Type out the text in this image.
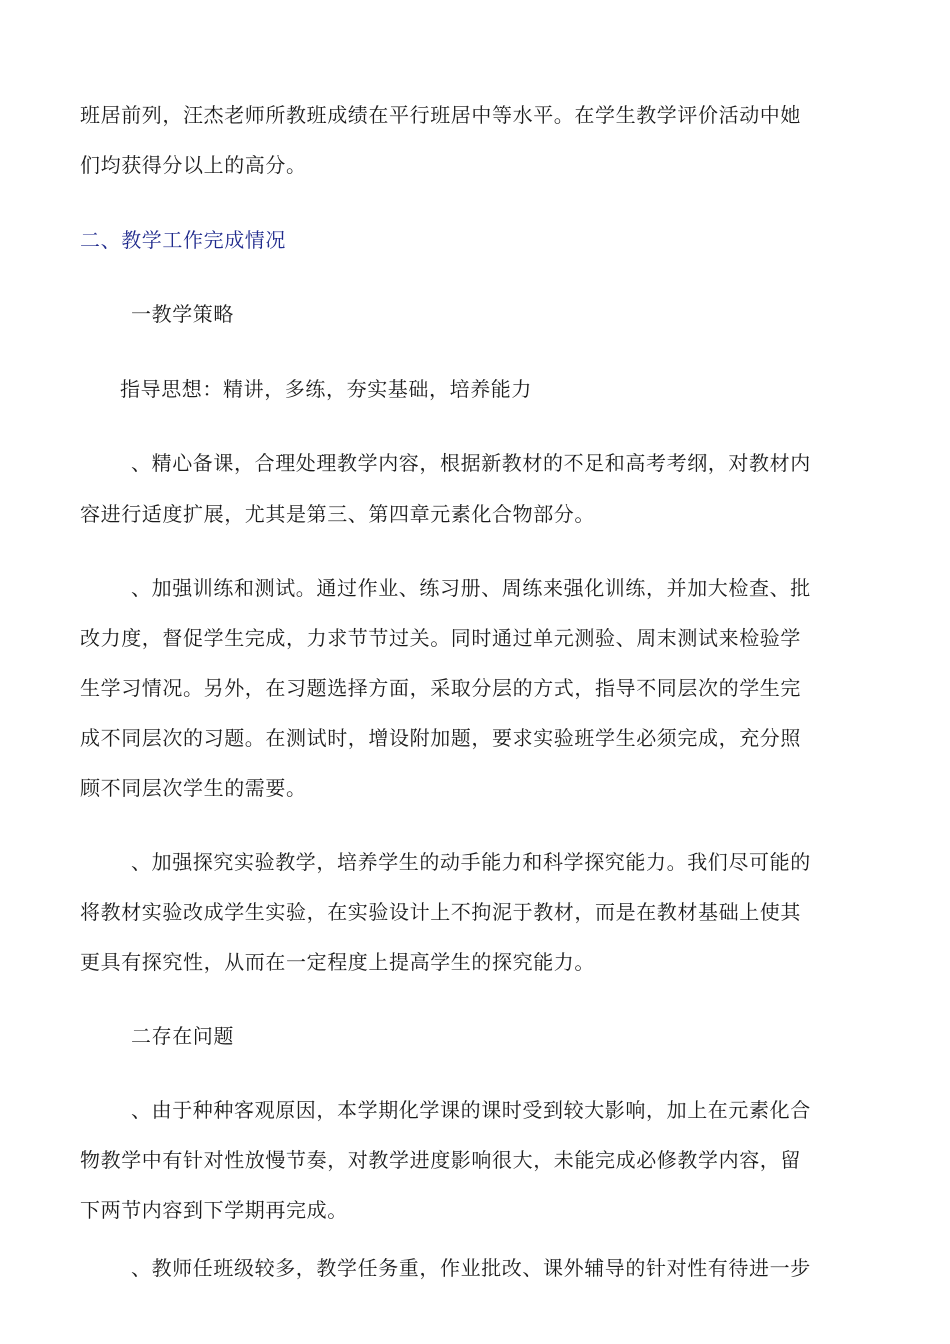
班居前列，汪杰老师所教班成绩在平行班居中等水平。在学生教学评价活动中她
们均获得分以上的高分。
二、教学工作完成情况
一教学策略
指导思想：精讲，多练，夯实基础，培养能力
、精心备课，合理处理教学内容，根据新教材的不足和高考考纲，对教材内
容进行适度扩展，尤其是第三、第四章元素化合物部分。
、加强训练和测试。通过作业、练习册、周练来强化训练，并加大检查、批
改力度，督促学生完成，力求节节过关。同时通过单元测验、周末测试来检验学
生学习情况。另外，在习题选择方面，采取分层的方式，指导不同层次的学生完
成不同层次的习题。在测试时，增设附加题，要求实验班学生必须完成，充分照
顾不同层次学生的需要。
、加强探究实验教学，培养学生的动手能力和科学探究能力。我们尽可能的
将教材实验改成学生实验，在实验设计上不拘泥于教材，而是在教材基础上使其
更具有探究性，从而在一定程度上提高学生的探究能力。
二存在问题
、由于种种客观原因，本学期化学课的课时受到较大影响，加上在元素化合
物教学中有针对性放慢节奏，对教学进度影响很大，未能完成必修教学内容，留
下两节内容到下学期再完成。
、教师任班级较多，教学任务重，作业批改、课外辅导的针对性有待进一步
